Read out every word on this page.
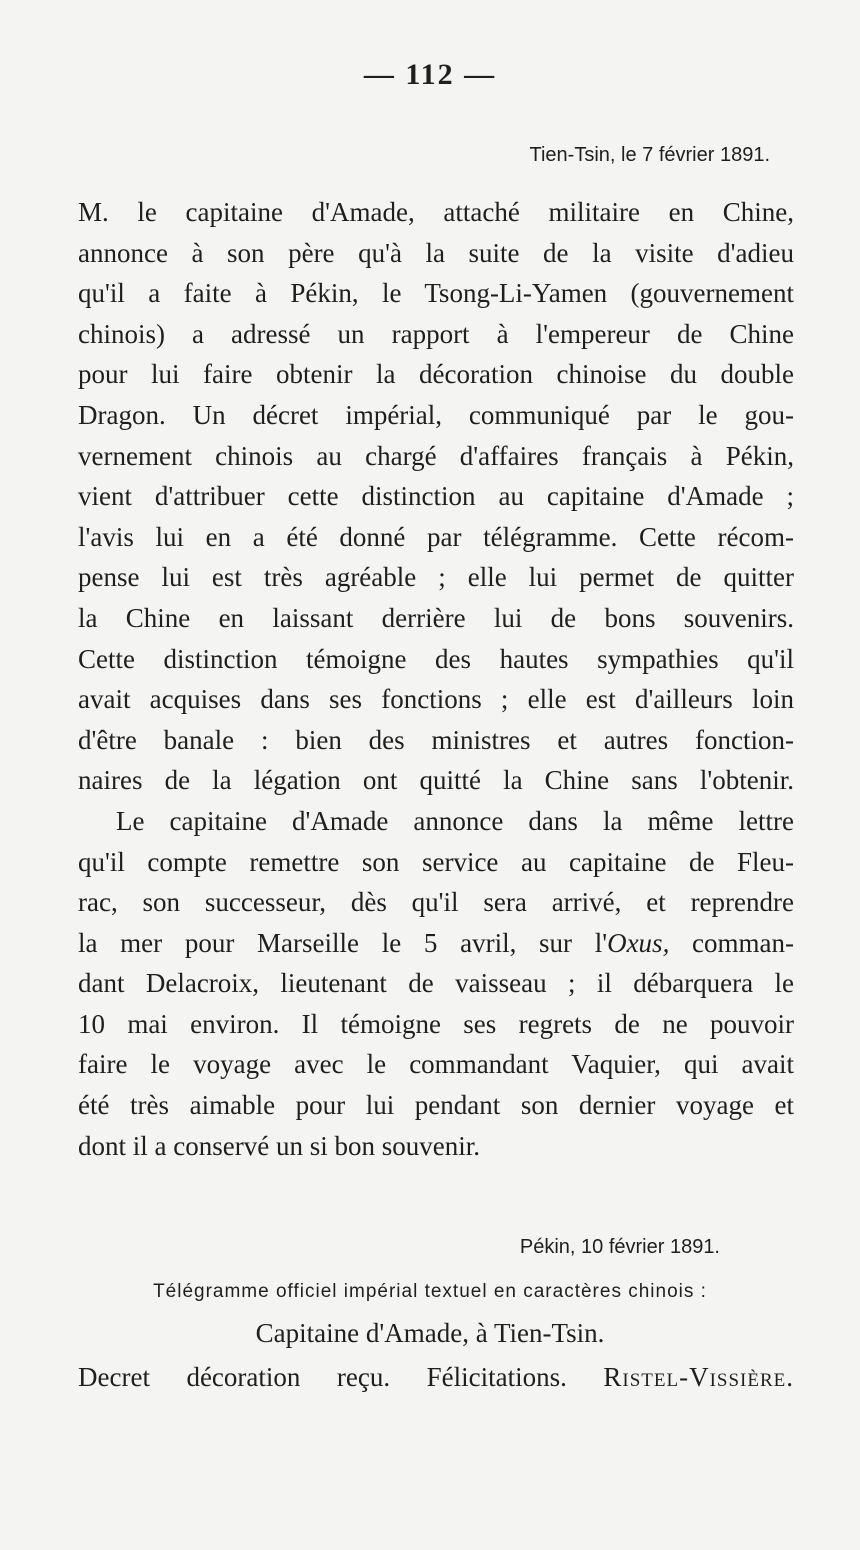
— 112 —
Tien-Tsin, le 7 février 1891.
M. le capitaine d'Amade, attaché militaire en Chine,
annonce à son père qu'à la suite de la visite d'adieu
qu'il a faite à Pékin, le Tsong-Li-Yamen (gouvernement
chinois) a adressé un rapport à l'empereur de Chine
pour lui faire obtenir la décoration chinoise du double
Dragon. Un décret impérial, communiqué par le gou-
vernement chinois au chargé d'affaires français à Pékin,
vient d'attribuer cette distinction au capitaine d'Amade ;
l'avis lui en a été donné par télégramme. Cette récom-
pense lui est très agréable ; elle lui permet de quitter
la Chine en laissant derrière lui de bons souvenirs.
Cette distinction témoigne des hautes sympathies qu'il
avait acquises dans ses fonctions ; elle est d'ailleurs loin
d'être banale : bien des ministres et autres fonction-
naires de la légation ont quitté la Chine sans l'obtenir.
Le capitaine d'Amade annonce dans la même lettre
qu'il compte remettre son service au capitaine de Fleu-
rac, son successeur, dès qu'il sera arrivé, et reprendre
la mer pour Marseille le 5 avril, sur l'Oxus, comman-
dant Delacroix, lieutenant de vaisseau ; il débarquera le
10 mai environ. Il témoigne ses regrets de ne pouvoir
faire le voyage avec le commandant Vaquier, qui avait
été très aimable pour lui pendant son dernier voyage et
dont il a conservé un si bon souvenir.
Pékin, 10 février 1891.
Télégramme officiel impérial textuel en caractères chinois :
Capitaine d'Amade, à Tien-Tsin.
Decret décoration reçu. Félicitations. Ristel-Vissière.
